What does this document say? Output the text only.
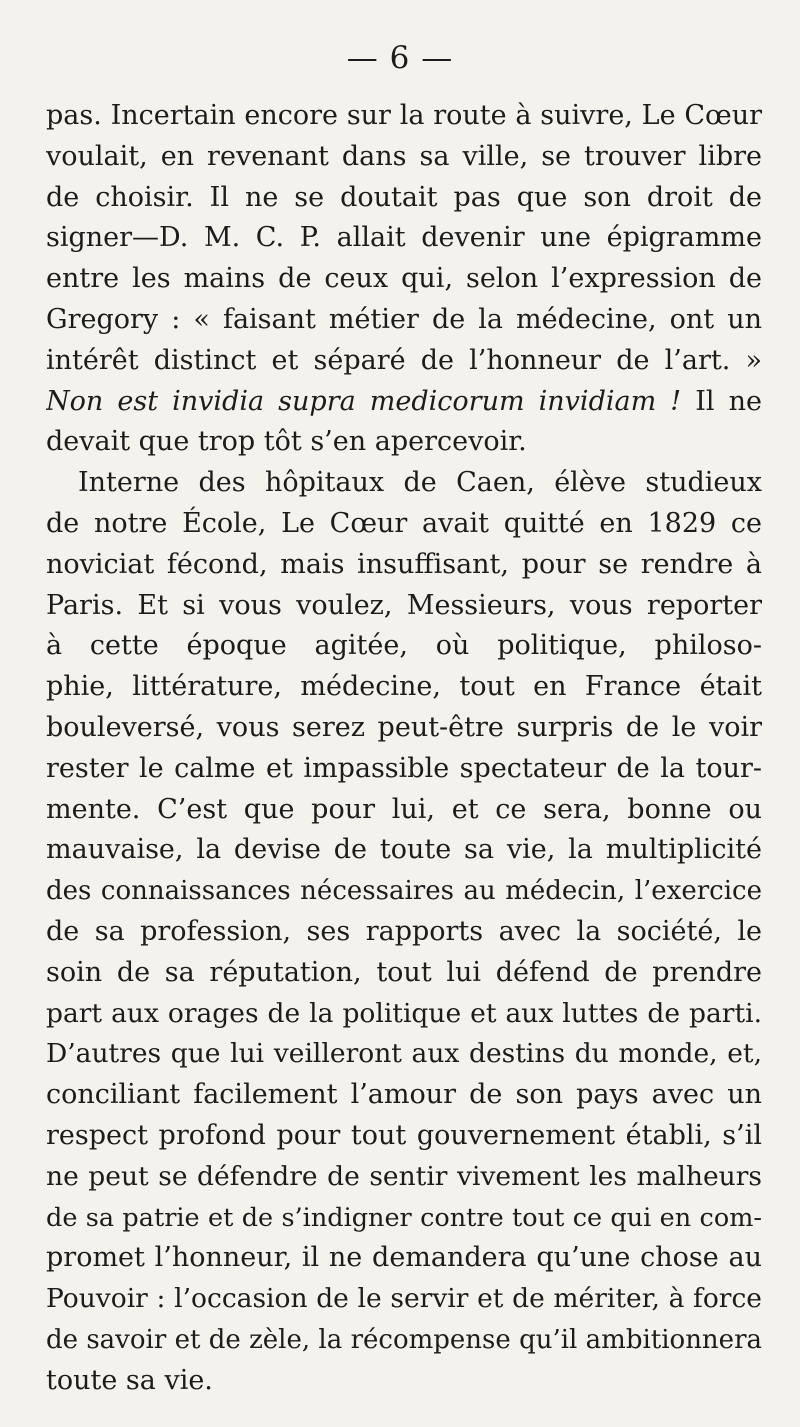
— 6 —
pas. Incertain encore sur la route à suivre, Le Cœur
voulait, en revenant dans sa ville, se trouver libre
de choisir. Il ne se doutait pas que son droit de
signer—D. M. C. P. allait devenir une épigramme
entre les mains de ceux qui, selon l’expression de
Gregory : « faisant métier de la médecine, ont un
intérêt distinct et séparé de l’honneur de l’art. »
Non est invidia supra medicorum invidiam ! Il ne
devait que trop tôt s’en apercevoir.
Interne des hôpitaux de Caen, élève studieux
de notre École, Le Cœur avait quitté en 1829 ce
noviciat fécond, mais insuffisant, pour se rendre à
Paris. Et si vous voulez, Messieurs, vous reporter
à cette époque agitée, où politique, philoso-
phie, littérature, médecine, tout en France était
bouleversé, vous serez peut-être surpris de le voir
rester le calme et impassible spectateur de la tour-
mente. C’est que pour lui, et ce sera, bonne ou
mauvaise, la devise de toute sa vie, la multiplicité
des connaissances nécessaires au médecin, l’exercice
de sa profession, ses rapports avec la société, le
soin de sa réputation, tout lui défend de prendre
part aux orages de la politique et aux luttes de parti.
D’autres que lui veilleront aux destins du monde, et,
conciliant facilement l’amour de son pays avec un
respect profond pour tout gouvernement établi, s’il
ne peut se défendre de sentir vivement les malheurs
de sa patrie et de s’indigner contre tout ce qui en com-
promet l’honneur, il ne demandera qu’une chose au
Pouvoir : l’occasion de le servir et de mériter, à force
de savoir et de zèle, la récompense qu’il ambitionnera
toute sa vie.
